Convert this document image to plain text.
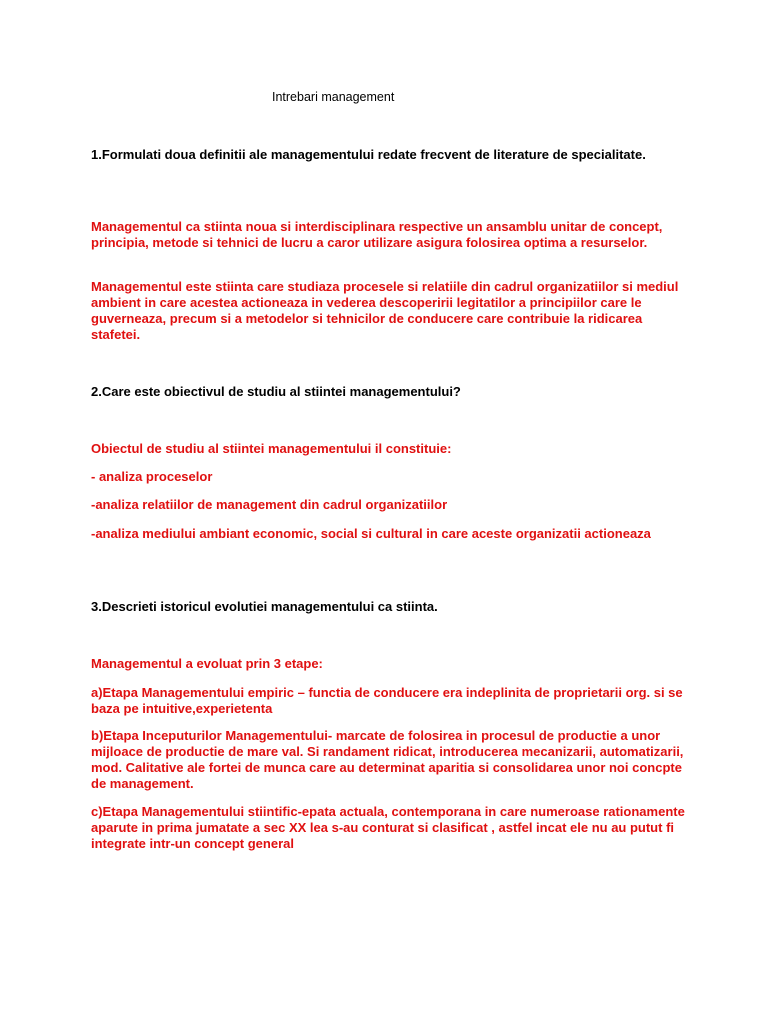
Intrebari management

1.Formulati doua definitii ale managementului redate frecvent de literature de specialitate.

Managementul ca stiinta noua si interdisciplinara respective un ansamblu unitar de concept, principia, metode si tehnici de lucru a caror utilizare asigura folosirea optima a resurselor.

Managementul este stiinta care studiaza procesele si relatiile din cadrul organizatiilor si mediul ambient in care acestea actioneaza in vederea descoperirii legitatilor a principiilor care le guverneaza, precum si a metodelor si tehnicilor de conducere care contribuie la ridicarea stafetei.

2.Care este obiectivul de studiu al stiintei managementului?

Obiectul de studiu al stiintei managementului il constituie:

- analiza proceselor

-analiza relatiilor de management din cadrul organizatiilor

-analiza mediului ambiant economic, social si cultural in care aceste organizatii actioneaza

3.Descrieti istoricul evolutiei managementului ca stiinta.

Managementul a evoluat prin 3 etape:

a)Etapa Managementului empiric – functia de conducere era indeplinita de proprietarii org. si se baza pe intuitive,experietenta

b)Etapa Inceputurilor Managementului- marcate de folosirea in procesul de productie a unor mijloace de productie de mare val. Si randament ridicat, introducerea mecanizarii, automatizarii, mod. Calitative ale fortei de munca care au determinat aparitia si consolidarea unor noi concpte de management.

c)Etapa Managementului stiintific-epata actuala, contemporana in care numeroase rationamente aparute in prima jumatate a sec XX lea s-au conturat si clasificat , astfel incat ele nu au putut fi integrate intr-un concept general
